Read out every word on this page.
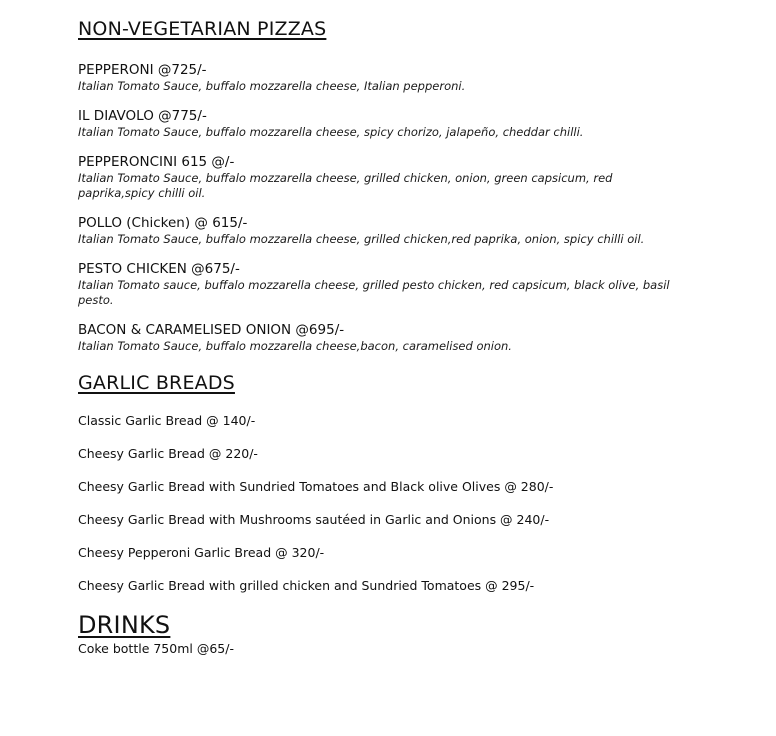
NON-VEGETARIAN PIZZAS
PEPPERONI @725/-
Italian Tomato Sauce, buffalo mozzarella cheese, Italian pepperoni.
IL DIAVOLO @775/-
Italian Tomato Sauce, buffalo mozzarella cheese, spicy chorizo, jalapeño, cheddar chilli.
PEPPERONCINI 615 @/-
Italian Tomato Sauce, buffalo mozzarella cheese, grilled chicken, onion, green capsicum, red paprika,spicy chilli oil.
POLLO (Chicken) @ 615/-
Italian Tomato Sauce, buffalo mozzarella cheese, grilled chicken,red paprika, onion, spicy chilli oil.
PESTO CHICKEN @675/-
Italian Tomato sauce, buffalo mozzarella cheese, grilled pesto chicken, red capsicum, black olive, basil pesto.
BACON & CARAMELISED ONION @695/-
Italian Tomato Sauce, buffalo mozzarella cheese,bacon, caramelised onion.
GARLIC BREADS
Classic Garlic Bread @ 140/-
Cheesy Garlic Bread @ 220/-
Cheesy Garlic Bread with Sundried Tomatoes and Black olive Olives @ 280/-
Cheesy Garlic Bread with Mushrooms sautéed in Garlic and Onions @ 240/-
Cheesy Pepperoni Garlic Bread @ 320/-
Cheesy Garlic Bread with grilled chicken and Sundried Tomatoes @ 295/-
DRINKS
Coke bottle 750ml @65/-
